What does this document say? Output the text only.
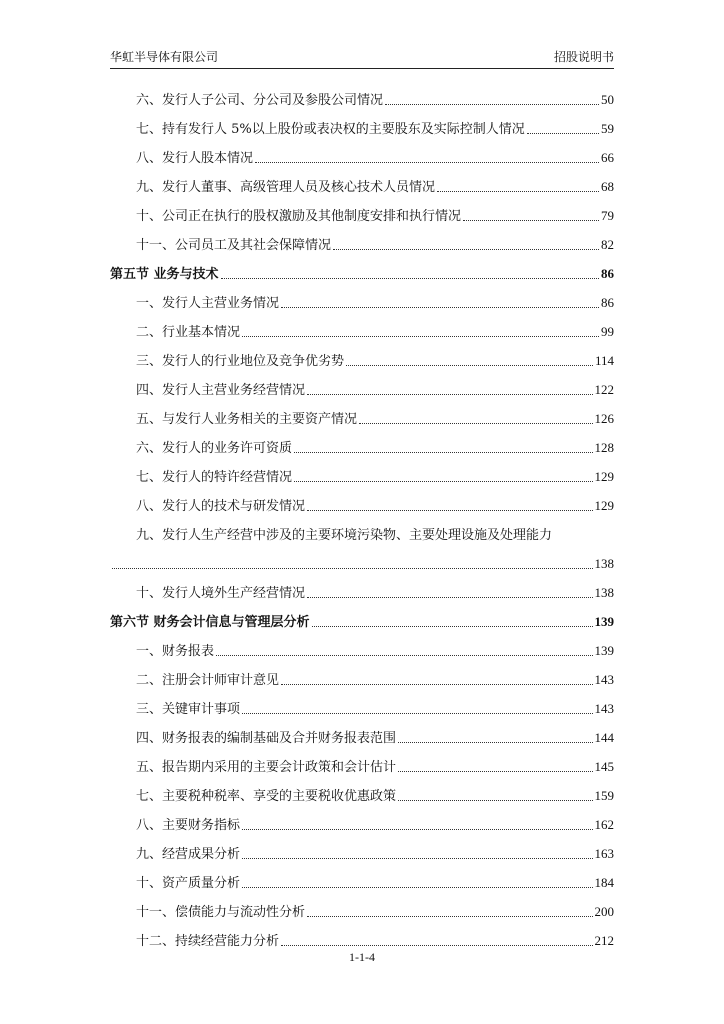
华虹半导体有限公司	招股说明书
六、发行人子公司、分公司及参股公司情况	50
七、持有发行人 5%以上股份或表决权的主要股东及实际控制人情况	59
八、发行人股本情况	66
九、发行人董事、高级管理人员及核心技术人员情况	68
十、公司正在执行的股权激励及其他制度安排和执行情况	79
十一、公司员工及其社会保障情况	82
第五节 业务与技术	86
一、发行人主营业务情况	86
二、行业基本情况	99
三、发行人的行业地位及竞争优劣势	114
四、发行人主营业务经营情况	122
五、与发行人业务相关的主要资产情况	126
六、发行人的业务许可资质	128
七、发行人的特许经营情况	129
八、发行人的技术与研发情况	129
九、发行人生产经营中涉及的主要环境污染物、主要处理设施及处理能力
138
十、发行人境外生产经营情况	138
第六节 财务会计信息与管理层分析	139
一、财务报表	139
二、注册会计师审计意见	143
三、关键审计事项	143
四、财务报表的编制基础及合并财务报表范围	144
五、报告期内采用的主要会计政策和会计估计	145
七、主要税种税率、享受的主要税收优惠政策	159
八、主要财务指标	162
九、经营成果分析	163
十、资产质量分析	184
十一、偿债能力与流动性分析	200
十二、持续经营能力分析	212
1-1-4
